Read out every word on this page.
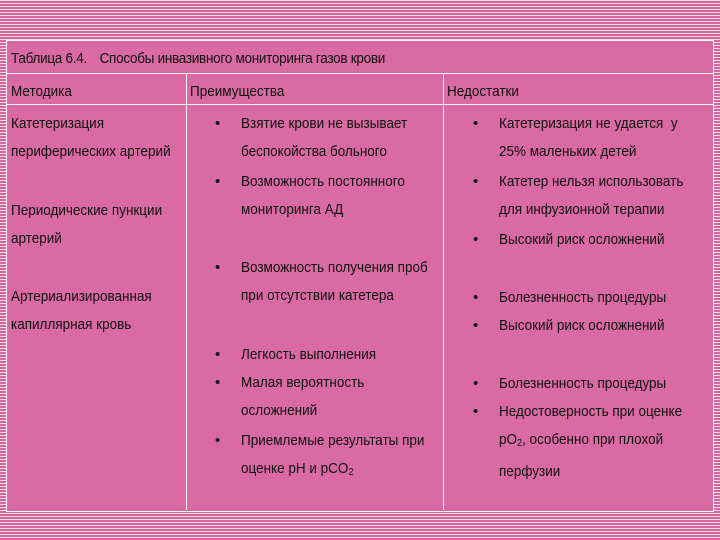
Таблица 6.4. Способы инвазивного мониторинга газов крови
Методика	Преимущества	Недостатки
Катетеризация
периферических артерий
Периодические пункции
артерий
Артериализированная
капиллярная кровь
• Взятие крови не вызывает
беспокойства больного
• Возможность постоянного
мониторинга АД
• Возможность получения проб
при отсутствии катетера
• Легкость выполнения
• Малая вероятность
осложнений
• Приемлемые результаты при
оценке pH и pCO$_2$
• Катетеризация не удается  у
25% маленьких детей
• Катетер нельзя использовать
для инфузионной терапии
• Высокий риск осложнений
• Болезненность процедуры
• Высокий риск осложнений
• Болезненность процедуры
• Недостоверность при оценке
$pO_2$, особенно при плохой
перфузии
